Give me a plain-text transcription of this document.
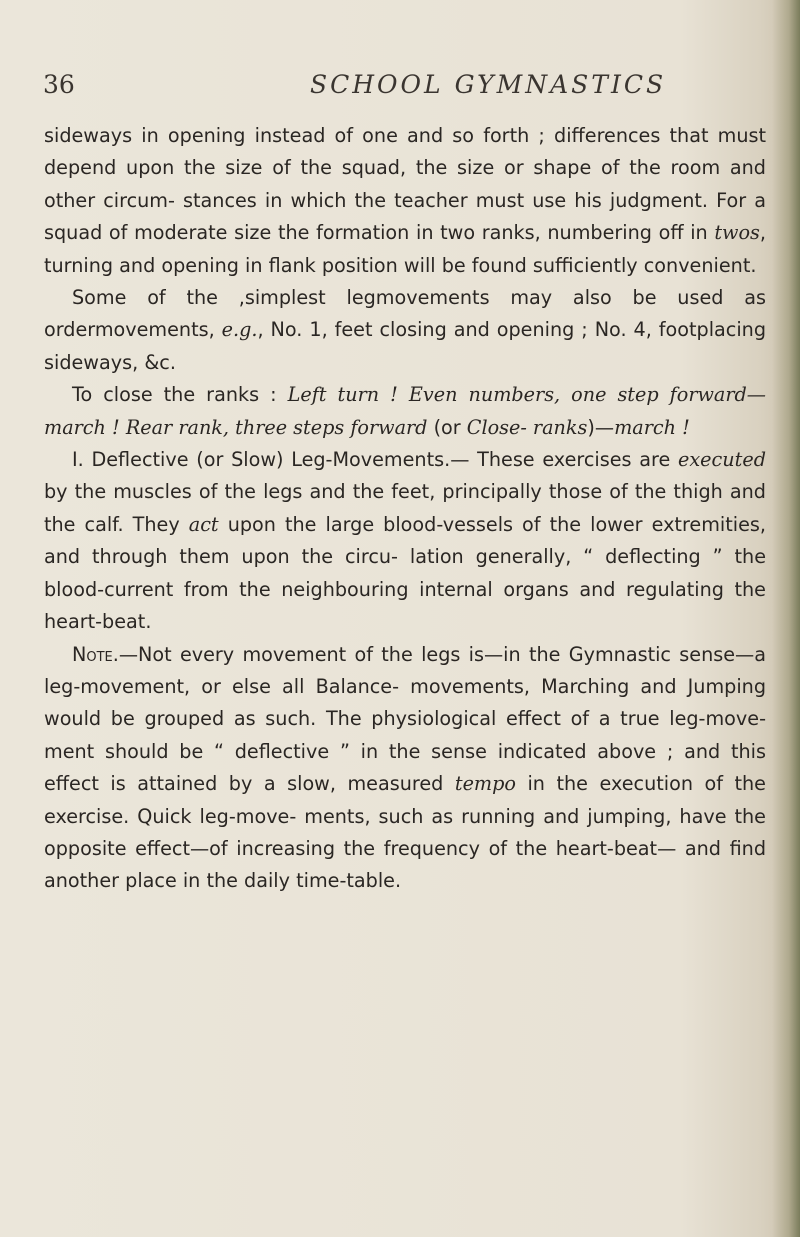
36	SCHOOL GYMNASTICS

sideways in opening instead of one and so forth ; differences that must depend upon the size of the squad, the size or shape of the room and other circum- stances in which the teacher must use his judgment. For a squad of moderate size the formation in two ranks, numbering off in twos, turning and opening in flank position will be found sufficiently convenient.

Some of the ,simplest legmovements may also be used as ordermovements, e.g., No. 1, feet closing and opening ; No. 4, footplacing sideways, &c.

To close the ranks : Left turn ! Even numbers, one step forward—march ! Rear rank, three steps forward (or Close- ranks)—march !

I. Deflective (or Slow) Leg-Movements.— These exercises are executed by the muscles of the legs and the feet, principally those of the thigh and the calf. They act upon the large blood-vessels of the lower extremities, and through them upon the circu- lation generally, “ deflecting ” the blood-current from the neighbouring internal organs and regulating the heart-beat.

Note.—Not every movement of the legs is—in the Gymnastic sense—a leg-movement, or else all Balance- movements, Marching and Jumping would be grouped as such. The physiological effect of a true leg-move- ment should be “ deflective ” in the sense indicated above ; and this effect is attained by a slow, measured tempo in the execution of the exercise. Quick leg-move- ments, such as running and jumping, have the opposite effect—of increasing the frequency of the heart-beat— and find another place in the daily time-table.
